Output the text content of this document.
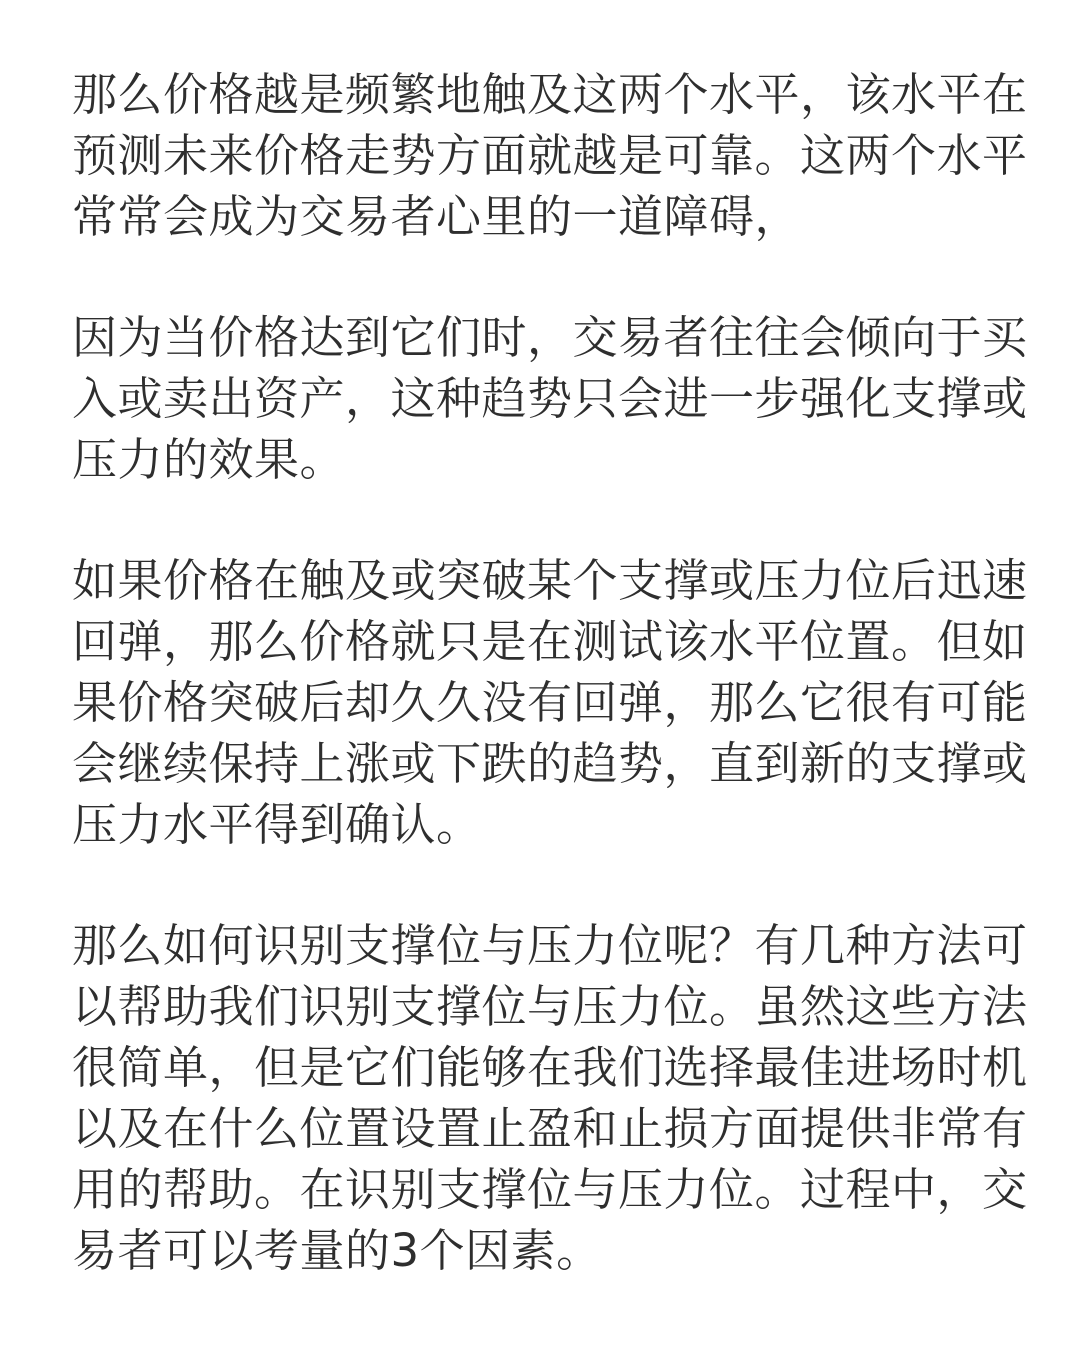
那么价格越是频繁地触及这两个水平，该水平在
预测未来价格走势方面就越是可靠。这两个水平
常常会成为交易者心里的一道障碍，

因为当价格达到它们时，交易者往往会倾向于买
入或卖出资产，这种趋势只会进一步强化支撑或
压力的效果。

如果价格在触及或突破某个支撑或压力位后迅速
回弹，那么价格就只是在测试该水平位置。但如
果价格突破后却久久没有回弹，那么它很有可能
会继续保持上涨或下跌的趋势，直到新的支撑或
压力水平得到确认。

那么如何识别支撑位与压力位呢？有几种方法可
以帮助我们识别支撑位与压力位。虽然这些方法
很简单，但是它们能够在我们选择最佳进场时机
以及在什么位置设置止盈和止损方面提供非常有
用的帮助。在识别支撑位与压力位。过程中，交
易者可以考量的3个因素。
